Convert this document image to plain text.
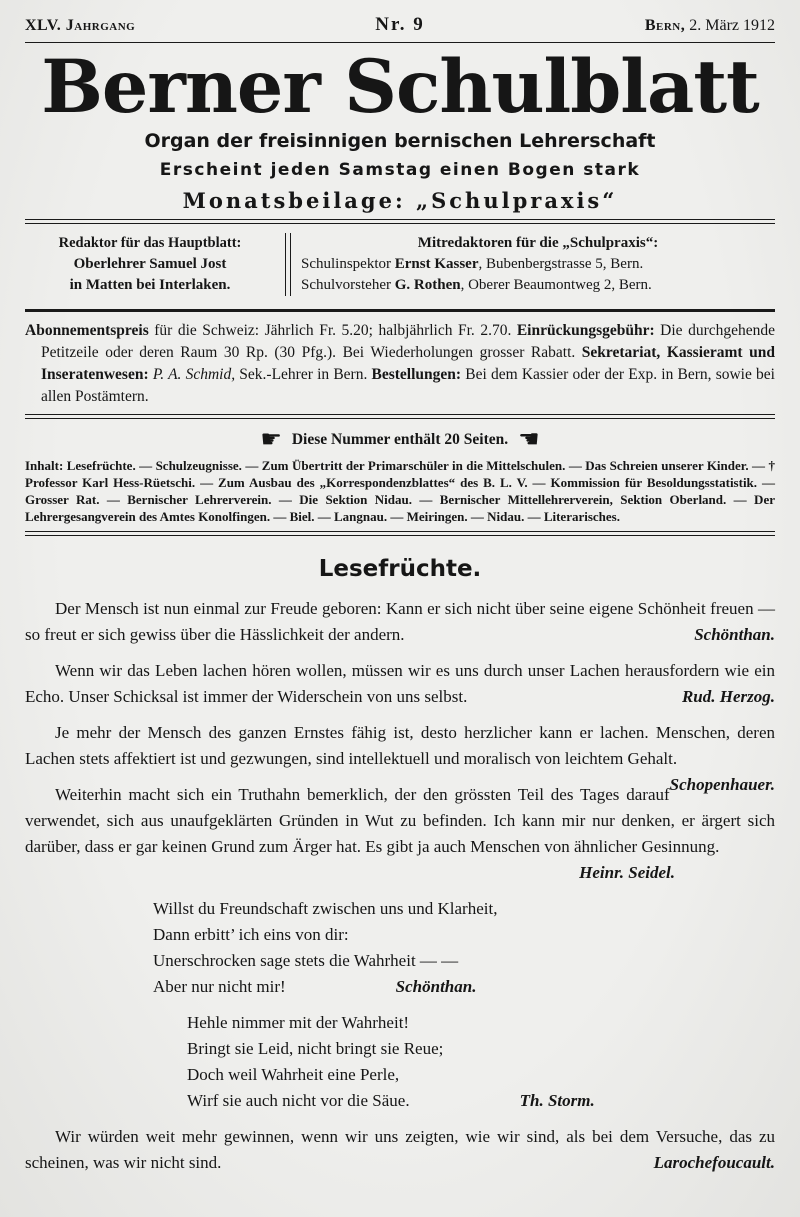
XLV. Jahrgang	Nr. 9	Bern, 2. März 1912
Berner Schulblatt
Organ der freisinnigen bernischen Lehrerschaft
Erscheint jeden Samstag einen Bogen stark
Monatsbeilage: „Schulpraxis“
Redaktor für das Hauptblatt:
Oberlehrer Samuel Jost
in Matten bei Interlaken.
Mitredaktoren für die „Schulpraxis“:
Schulinspektor Ernst Kasser, Bubenbergstrasse 5, Bern.
Schulvorsteher G. Rothen, Oberer Beaumontweg 2, Bern.

Abonnementspreis für die Schweiz: Jährlich Fr. 5.20; halbjährlich Fr. 2.70. Einrückungsgebühr: Die durchgehende Petitzeile oder deren Raum 30 Rp. (30 Pfg.). Bei Wiederholungen grosser Rabatt. Sekretariat, Kassieramt und Inseratenwesen: P. A. Schmid, Sek.-Lehrer in Bern. Bestellungen: Bei dem Kassier oder der Exp. in Bern, sowie bei allen Postämtern.

☛ Diese Nummer enthält 20 Seiten. ☚

Inhalt: Lesefrüchte. — Schulzeugnisse. — Zum Übertritt der Primarschüler in die Mittelschulen. — Das Schreien unserer Kinder. — † Professor Karl Hess-Rüetschi. — Zum Ausbau des „Korrespondenzblattes“ des B. L. V. — Kommission für Besoldungsstatistik. — Grosser Rat. — Bernischer Lehrerverein. — Die Sektion Nidau. — Bernischer Mittellehrerverein, Sektion Oberland. — Der Lehrergesangverein des Amtes Konolfingen. — Biel. — Langnau. — Meiringen. — Nidau. — Literarisches.

Lesefrüchte.

Der Mensch ist nun einmal zur Freude geboren: Kann er sich nicht über seine eigene Schönheit freuen — so freut er sich gewiss über die Hässlichkeit der andern.	Schönthan.

Wenn wir das Leben lachen hören wollen, müssen wir es uns durch unser Lachen herausfordern wie ein Echo. Unser Schicksal ist immer der Widerschein von uns selbst.	Rud. Herzog.

Je mehr der Mensch des ganzen Ernstes fähig ist, desto herzlicher kann er lachen. Menschen, deren Lachen stets affektiert ist und gezwungen, sind intellektuell und moralisch von leichtem Gehalt.
Schopenhauer.

Weiterhin macht sich ein Truthahn bemerklich, der den grössten Teil des Tages darauf verwendet, sich aus unaufgeklärten Gründen in Wut zu befinden. Ich kann mir nur denken, er ärgert sich darüber, dass er gar keinen Grund zum Ärger hat. Es gibt ja auch Menschen von ähnlicher Gesinnung.
Heinr. Seidel.

Willst du Freundschaft zwischen uns und Klarheit,
Dann erbitt’ ich eins von dir:
Unerschrocken sage stets die Wahrheit — —
Aber nur nicht mir!	Schönthan.
Hehle nimmer mit der Wahrheit!
Bringt sie Leid, nicht bringt sie Reue;
Doch weil Wahrheit eine Perle,
Wirf sie auch nicht vor die Säue.	Th. Storm.

Wir würden weit mehr gewinnen, wenn wir uns zeigten, wie wir sind, als bei dem Versuche, das zu scheinen, was wir nicht sind.	Larochefoucault.
